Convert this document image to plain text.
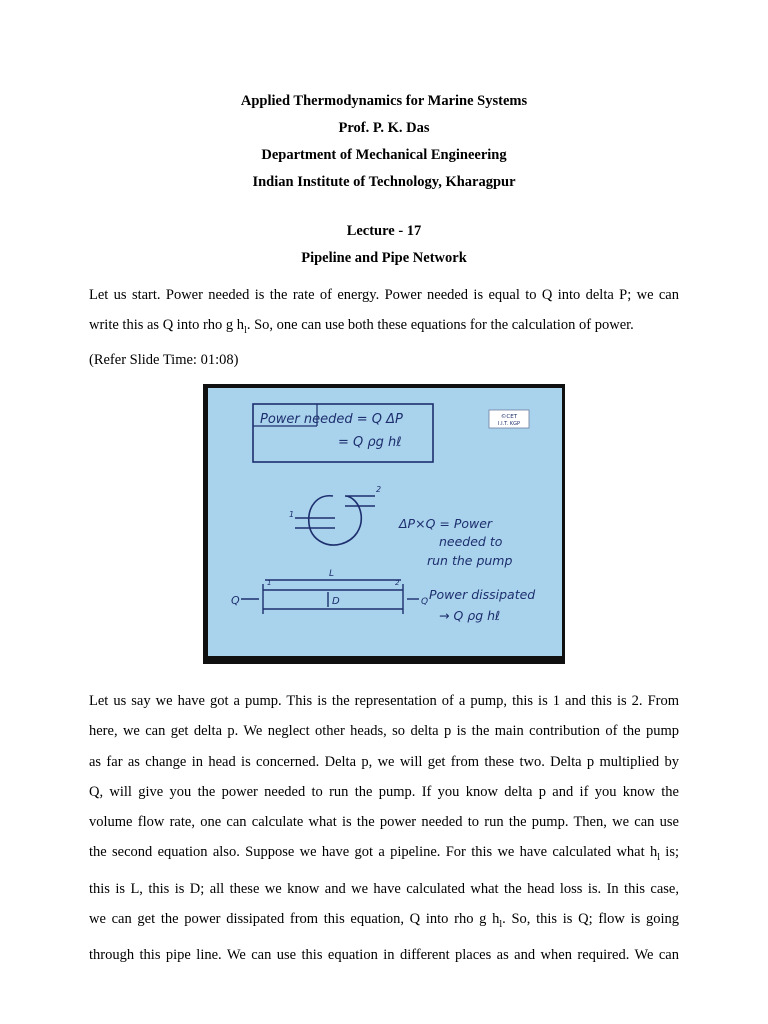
Applied Thermodynamics for Marine Systems
Prof. P. K. Das
Department of Mechanical Engineering
Indian Institute of Technology, Kharagpur
Lecture - 17
Pipeline and Pipe Network
Let us start. Power needed is the rate of energy. Power needed is equal to Q into delta P; we can
write this as Q into rho g $h_l$. So, one can use both these equations for the calculation of power.
(Refer Slide Time: 01:08)
Power needed = Q ΔP
= Q ρg hℓ
©CET
I.I.T. KGP
2
1
ΔP×Q = Power
needed to
run the pump
L
D
Q	Q
1	2
Power dissipated
→ Q ρg hℓ
Let us say we have got a pump. This is the representation of a pump, this is 1 and this is 2. From
here, we can get delta p. We neglect other heads, so delta p is the main contribution of the pump
as far as change in head is concerned. Delta p, we will get from these two. Delta p multiplied by
Q, will give you the power needed to run the pump. If you know delta p and if you know the
volume flow rate, one can calculate what is the power needed to run the pump. Then, we can use
the second equation also. Suppose we have got a pipeline. For this we have calculated what $h_l$ is;
this is L, this is D; all these we know and we have calculated what the head loss is. In this case,
we can get the power dissipated from this equation, Q into rho g $h_l$. So, this is Q; flow is going
through this pipe line. We can use this equation in different places as and when required. We can
